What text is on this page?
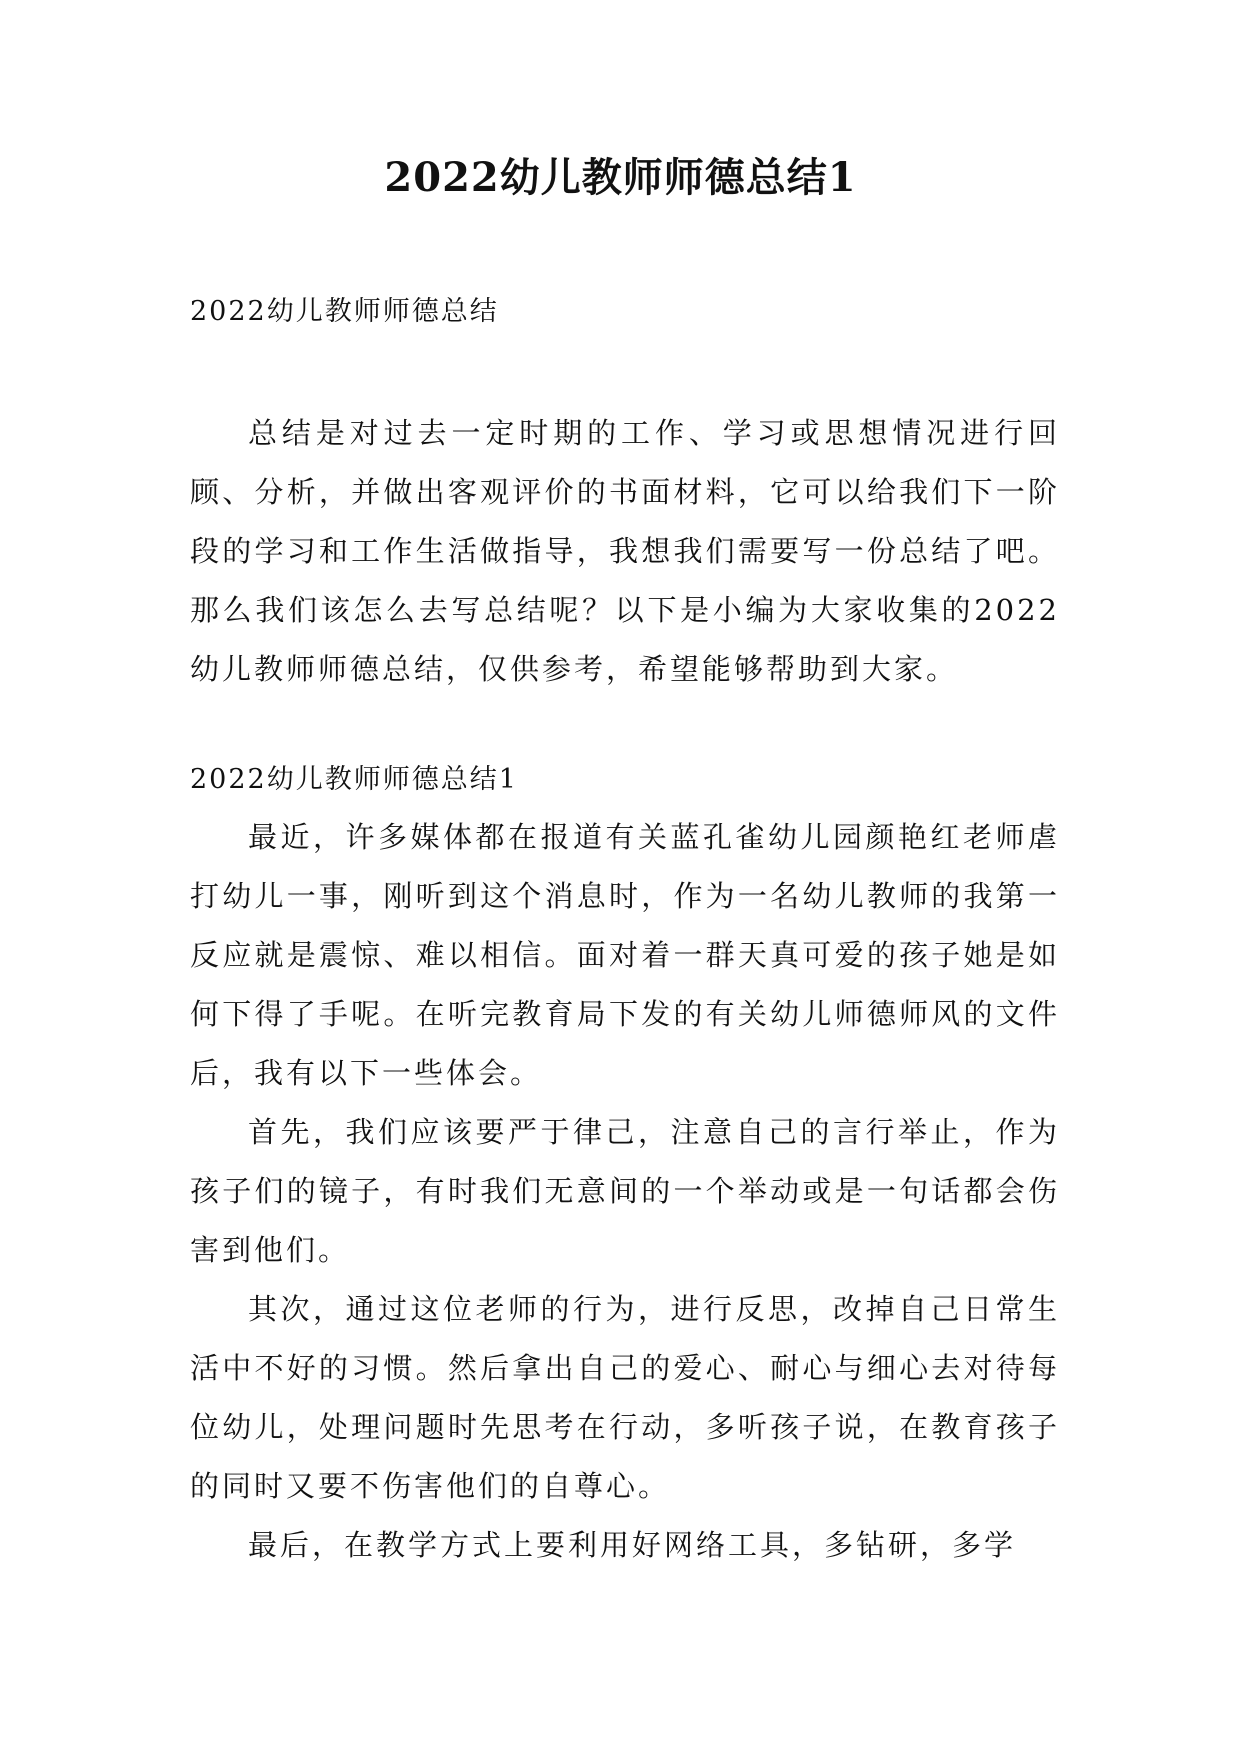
2022幼儿教师师德总结1

2022幼儿教师师德总结

总结是对过去一定时期的工作、学习或思想情况进行回顾、分析，并做出客观评价的书面材料，它可以给我们下一阶段的学习和工作生活做指导，我想我们需要写一份总结了吧。那么我们该怎么去写总结呢？以下是小编为大家收集的2022幼儿教师师德总结，仅供参考，希望能够帮助到大家。

2022幼儿教师师德总结1

最近，许多媒体都在报道有关蓝孔雀幼儿园颜艳红老师虐打幼儿一事，刚听到这个消息时，作为一名幼儿教师的我第一反应就是震惊、难以相信。面对着一群天真可爱的孩子她是如何下得了手呢。在听完教育局下发的有关幼儿师德师风的文件后，我有以下一些体会。

首先，我们应该要严于律己，注意自己的言行举止，作为孩子们的镜子，有时我们无意间的一个举动或是一句话都会伤害到他们。

其次，通过这位老师的行为，进行反思，改掉自己日常生活中不好的习惯。然后拿出自己的爱心、耐心与细心去对待每位幼儿，处理问题时先思考在行动，多听孩子说，在教育孩子的同时又要不伤害他们的自尊心。

最后，在教学方式上要利用好网络工具，多钻研，多学
